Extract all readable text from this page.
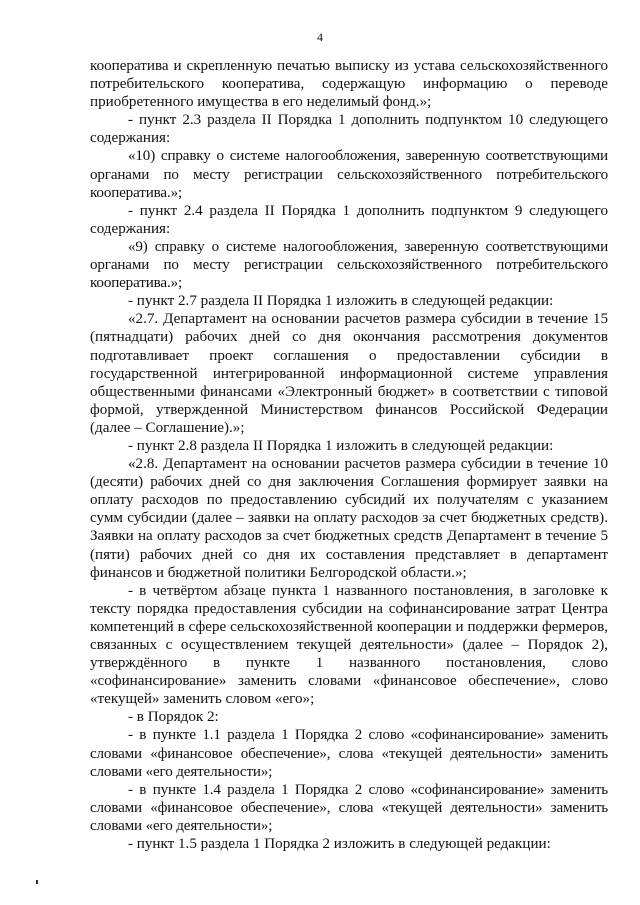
4

кооператива и скрепленную печатью выписку из устава сельскохозяйственного потребительского кооператива, содержащую информацию о переводе приобретенного имущества в его неделимый фонд.»;

- пункт 2.3 раздела II Порядка 1 дополнить подпунктом 10 следующего содержания:

«10) справку о системе налогообложения, заверенную соответствующими органами по месту регистрации сельскохозяйственного потребительского кооператива.»;

- пункт 2.4 раздела II Порядка 1 дополнить подпунктом 9 следующего содержания:

«9) справку о системе налогообложения, заверенную соответствующими органами по месту регистрации сельскохозяйственного потребительского кооператива.»;

- пункт 2.7 раздела II Порядка 1 изложить в следующей редакции:

«2.7. Департамент на основании расчетов размера субсидии в течение 15 (пятнадцати) рабочих дней со дня окончания рассмотрения документов подготавливает проект соглашения о предоставлении субсидии в государственной интегрированной информационной системе управления общественными финансами «Электронный бюджет» в соответствии с типовой формой, утвержденной Министерством финансов Российской Федерации (далее – Соглашение).»;

- пункт 2.8 раздела II Порядка 1 изложить в следующей редакции:

«2.8. Департамент на основании расчетов размера субсидии в течение 10 (десяти) рабочих дней со дня заключения Соглашения формирует заявки на оплату расходов по предоставлению субсидий их получателям с указанием сумм субсидии (далее – заявки на оплату расходов за счет бюджетных средств). Заявки на оплату расходов за счет бюджетных средств Департамент в течение 5 (пяти) рабочих дней со дня их составления представляет в департамент финансов и бюджетной политики Белгородской области.»;

- в четвёртом абзаце пункта 1 названного постановления, в заголовке к тексту порядка предоставления субсидии на софинансирование затрат Центра компетенций в сфере сельскохозяйственной кооперации и поддержки фермеров, связанных с осуществлением текущей деятельности» (далее – Порядок 2), утверждённого в пункте 1 названного постановления, слово «софинансирование» заменить словами «финансовое обеспечение», слово «текущей» заменить словом «его»;

- в Порядок 2:

- в пункте 1.1 раздела 1 Порядка 2 слово «софинансирование» заменить словами «финансовое обеспечение», слова «текущей деятельности» заменить словами «его деятельности»;

- в пункте 1.4 раздела 1 Порядка 2 слово «софинансирование» заменить словами «финансовое обеспечение», слова «текущей деятельности» заменить словами «его деятельности»;

- пункт 1.5 раздела 1 Порядка 2 изложить в следующей редакции:
